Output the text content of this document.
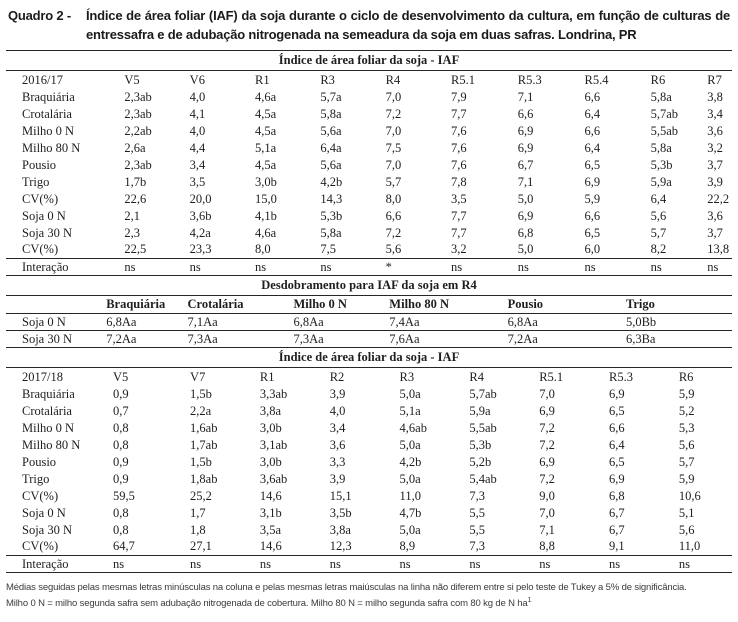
Quadro 2 -	Índice de área foliar (IAF) da soja durante o ciclo de desenvolvimento da cultura, em função de culturas de entressafra e de adubação nitrogenada na semeadura da soja em duas safras. Londrina, PR

Índice de área foliar da soja - IAF
2016/17	V5	V6	R1	R3	R4	R5.1	R5.3	R5.4	R6	R7
Braquiária	2,3ab	4,0	4,6a	5,7a	7,0	7,9	7,1	6,6	5,8a	3,8
Crotalária	2,3ab	4,1	4,5a	5,8a	7,2	7,7	6,6	6,4	5,7ab	3,4
Milho 0 N	2,2ab	4,0	4,5a	5,6a	7,0	7,6	6,9	6,6	5,5ab	3,6
Milho 80 N	2,6a	4,4	5,1a	6,4a	7,5	7,6	6,9	6,4	5,8a	3,2
Pousio	2,3ab	3,4	4,5a	5,6a	7,0	7,6	6,7	6,5	5,3b	3,7
Trigo	1,7b	3,5	3,0b	4,2b	5,7	7,8	7,1	6,9	5,9a	3,9
CV(%)	22,6	20,0	15,0	14,3	8,0	3,5	5,0	5,9	6,4	22,2
Soja 0 N	2,1	3,6b	4,1b	5,3b	6,6	7,7	6,9	6,6	5,6	3,6
Soja 30 N	2,3	4,2a	4,6a	5,8a	7,2	7,7	6,8	6,5	5,7	3,7
CV(%)	22,5	23,3	8,0	7,5	5,6	3,2	5,0	6,0	8,2	13,8
Interação	ns	ns	ns	ns	*	ns	ns	ns	ns	ns
Desdobramento para IAF da soja em R4
	Braquiária	Crotalária	Milho 0 N	Milho 80 N	Pousio	Trigo
Soja 0 N	6,8Aa	7,1Aa	6,8Aa	7,4Aa	6,8Aa	5,0Bb
Soja 30 N	7,2Aa	7,3Aa	7,3Aa	7,6Aa	7,2Aa	6,3Ba
Índice de área foliar da soja - IAF
2017/18	V5	V7	R1	R2	R3	R4	R5.1	R5.3	R6
Braquiária	0,9	1,5b	3,3ab	3,9	5,0a	5,7ab	7,0	6,9	5,9
Crotalária	0,7	2,2a	3,8a	4,0	5,1a	5,9a	6,9	6,5	5,2
Milho 0 N	0,8	1,6ab	3,0b	3,4	4,6ab	5,5ab	7,2	6,6	5,3
Milho 80 N	0,8	1,7ab	3,1ab	3,6	5,0a	5,3b	7,2	6,4	5,6
Pousio	0,9	1,5b	3,0b	3,3	4,2b	5,2b	6,9	6,5	5,7
Trigo	0,9	1,8ab	3,6ab	3,9	5,0a	5,4ab	7,2	6,9	5,9
CV(%)	59,5	25,2	14,6	15,1	11,0	7,3	9,0	6,8	10,6
Soja 0 N	0,8	1,7	3,1b	3,5b	4,7b	5,5	7,0	6,7	5,1
Soja 30 N	0,8	1,8	3,5a	3,8a	5,0a	5,5	7,1	6,7	5,6
CV(%)	64,7	27,1	14,6	12,3	8,9	7,3	8,8	9,1	11,0
Interação	ns	ns	ns	ns	ns	ns	ns	ns	ns
Médias seguidas pelas mesmas letras minúsculas na coluna e pelas mesmas letras maiúsculas na linha não diferem entre si pelo teste de Tukey a 5% de significância.
Milho 0 N = milho segunda safra sem adubação nitrogenada de cobertura. Milho 80 N = milho segunda safra com 80 kg de N $ha^1$
